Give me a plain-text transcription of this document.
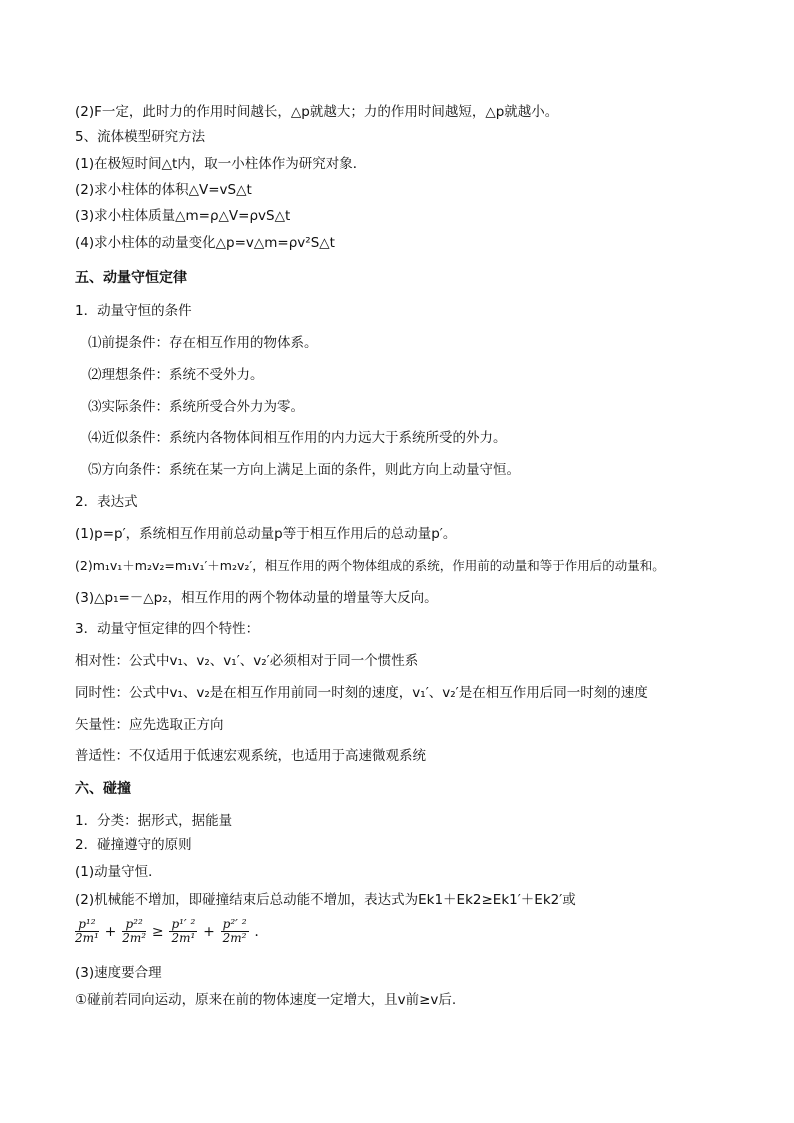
(2)F一定，此时力的作用时间越长，△p就越大；力的作用时间越短，△p就越小。
5、流体模型研究方法
(1)在极短时间△t内，取一小柱体作为研究对象．
(2)求小柱体的体积△V=vS△t
(3)求小柱体质量△m=ρ△V=ρvS△t
(4)求小柱体的动量变化△p=v△m=ρv²S△t
五、动量守恒定律
1．动量守恒的条件
⑴前提条件：存在相互作用的物体系。
⑵理想条件：系统不受外力。
⑶实际条件：系统所受合外力为零。
⑷近似条件：系统内各物体间相互作用的内力远大于系统所受的外力。
⑸方向条件：系统在某一方向上满足上面的条件，则此方向上动量守恒。
2．表达式
(1)p=p′，系统相互作用前总动量p等于相互作用后的总动量p′。
(2)m₁v₁＋m₂v₂=m₁v₁′＋m₂v₂′，相互作用的两个物体组成的系统，作用前的动量和等于作用后的动量和。
(3)△p₁=－△p₂，相互作用的两个物体动量的增量等大反向。
3．动量守恒定律的四个特性：
相对性：公式中v₁、v₂、v₁′、v₂′必须相对于同一个惯性系
同时性：公式中v₁、v₂是在相互作用前同一时刻的速度，v₁′、v₂′是在相互作用后同一时刻的速度
矢量性：应先选取正方向
普适性：不仅适用于低速宏观系统，也适用于高速微观系统
六、碰撞
1．分类：据形式，据能量
2．碰撞遵守的原则
(1)动量守恒．
(2)机械能不增加，即碰撞结束后总动能不增加，表达式为Ek1＋Ek2≥Ek1′＋Ek2′或
$\frac{\text{p¹²}}{\text{2m¹}} + \frac{\text{p²²}}{\text{2m²}} \ge \frac{\text{p¹′ ²}}{\text{2m¹}} + \frac{\text{p²′ ²}}{\text{2m²}}$ .
(3)速度要合理
①碰前若同向运动，原来在前的物体速度一定增大，且v前≥v后.
